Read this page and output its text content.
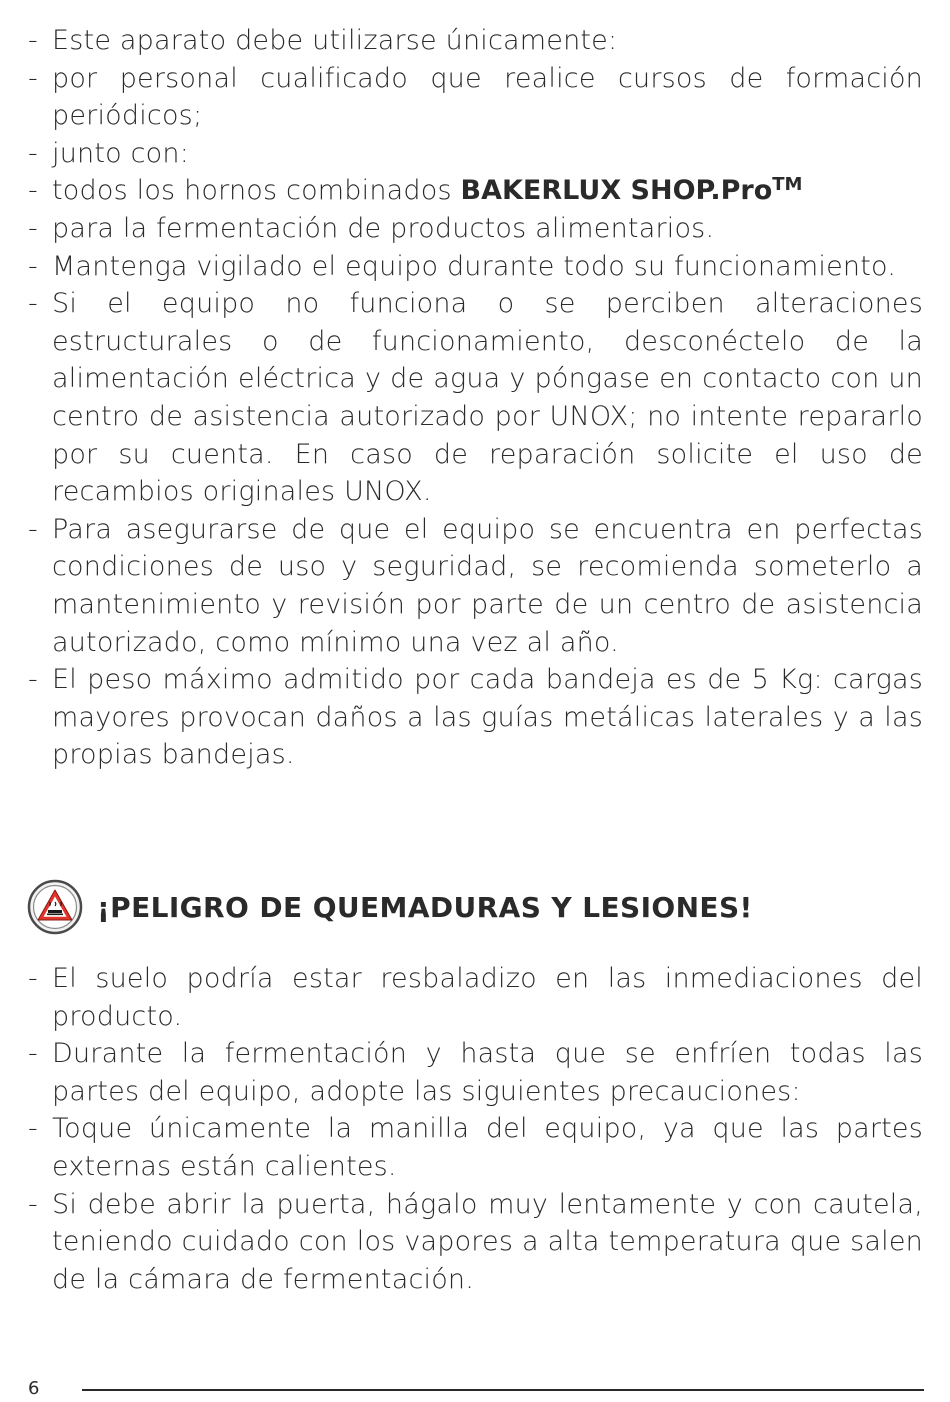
- Este aparato debe utilizarse únicamente:
- por personal cualificado que realice cursos de formación periódicos;
- junto con:
- todos los hornos combinados BAKERLUX SHOP.Pro™
- para la fermentación de productos alimentarios.
- Mantenga vigilado el equipo durante todo su funcionamiento.
- Si el equipo no funciona o se perciben alteraciones estructurales o de funcionamiento, desconéctelo de la alimentación eléctrica y de agua y póngase en contacto con un centro de asistencia autorizado por UNOX; no intente repararlo por su cuenta. En caso de reparación solicite el uso de recambios originales UNOX.
- Para asegurarse de que el equipo se encuentra en perfectas condiciones de uso y seguridad, se recomienda someterlo a mantenimiento y revisión por parte de un centro de asistencia autorizado, como mínimo una vez al año.
- El peso máximo admitido por cada bandeja es de 5 Kg: cargas mayores provocan daños a las guías metálicas laterales y a las propias bandejas.
¡PELIGRO DE QUEMADURAS Y LESIONES!
- El suelo podría estar resbaladizo en las inmediaciones del producto.
- Durante la fermentación y hasta que se enfríen todas las partes del equipo, adopte las siguientes precauciones:
- Toque únicamente la manilla del equipo, ya que las partes externas están calientes.
- Si debe abrir la puerta, hágalo muy lentamente y con cautela, teniendo cuidado con los vapores a alta temperatura que salen de la cámara de fermentación.
6
